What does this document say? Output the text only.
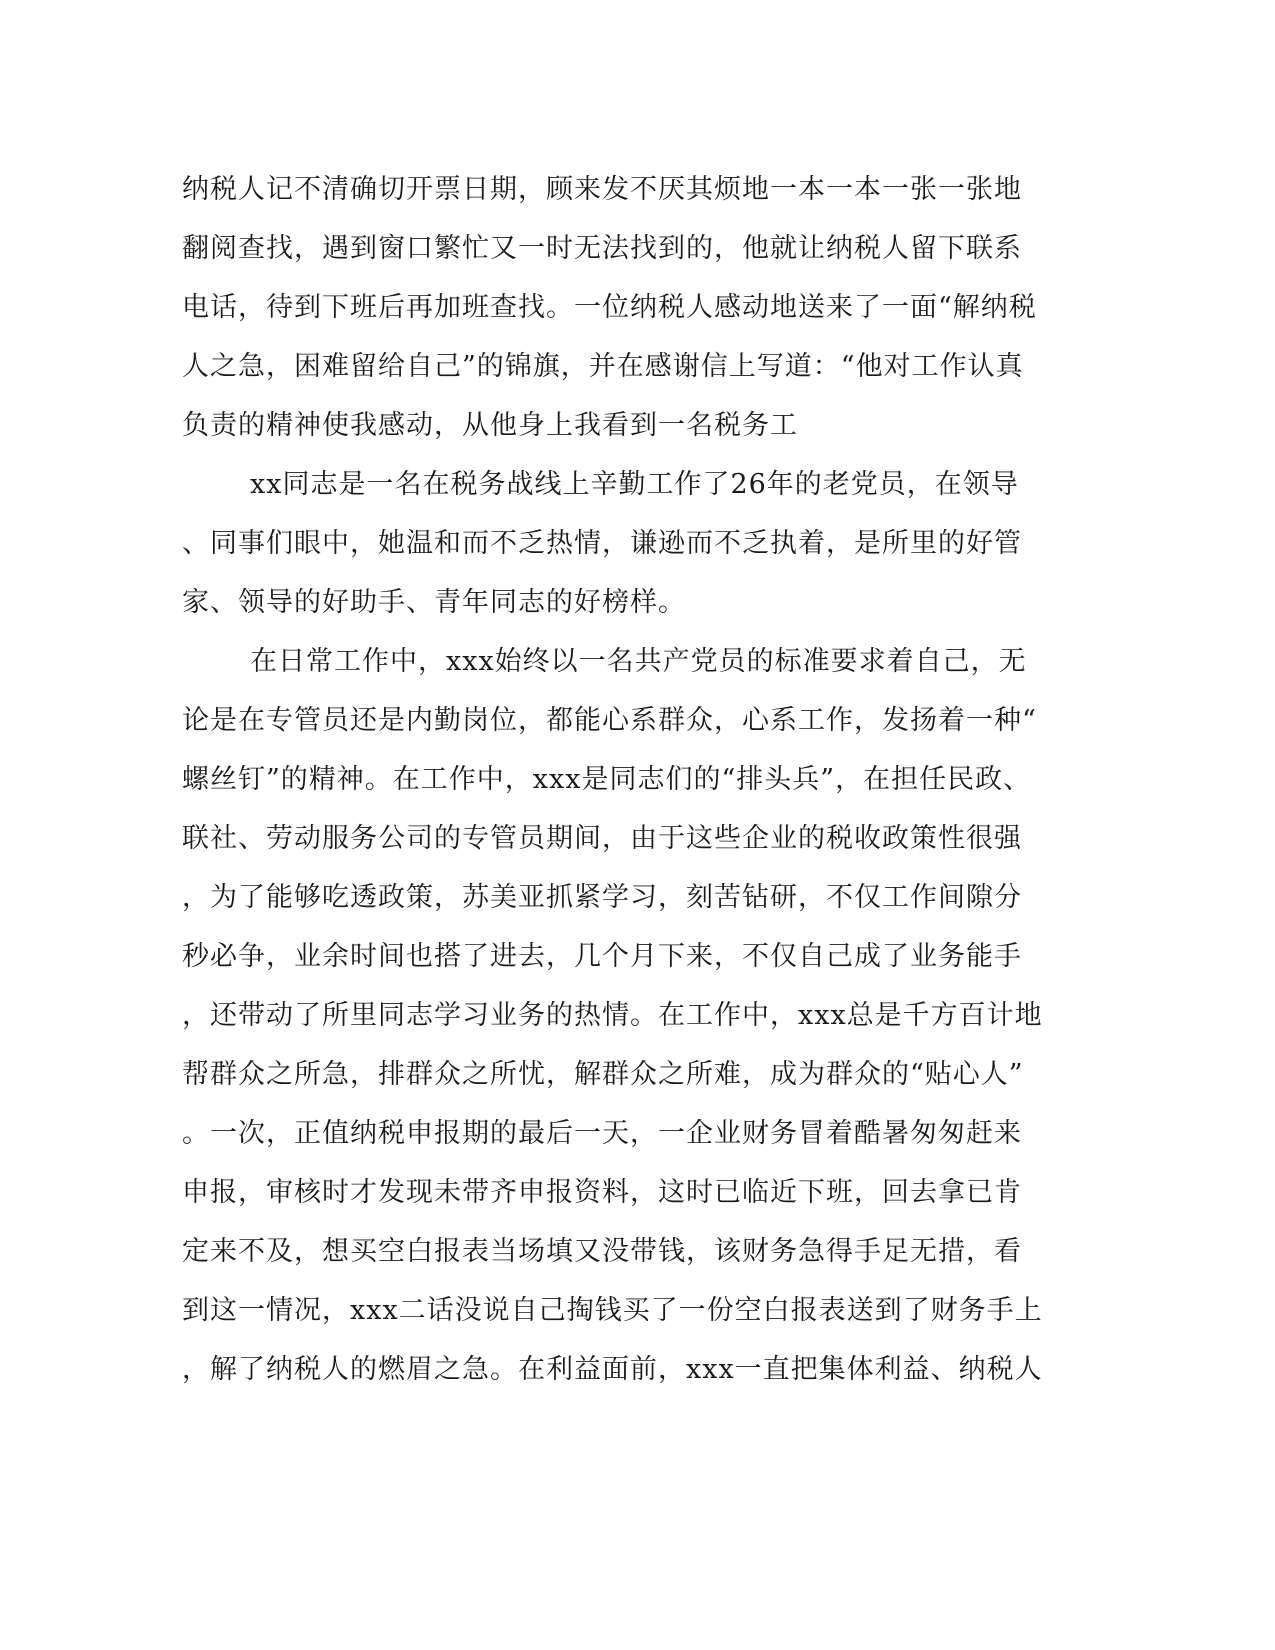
纳税人记不清确切开票日期，顾来发不厌其烦地一本一本一张一张地
翻阅查找，遇到窗口繁忙又一时无法找到的，他就让纳税人留下联系
电话，待到下班后再加班查找。一位纳税人感动地送来了一面“解纳税
人之急，困难留给自己”的锦旗，并在感谢信上写道：“他对工作认真
负责的精神使我感动，从他身上我看到一名税务工
xx同志是一名在税务战线上辛勤工作了26年的老党员，在领导
、同事们眼中，她温和而不乏热情，谦逊而不乏执着，是所里的好管
家、领导的好助手、青年同志的好榜样。
在日常工作中，xxx始终以一名共产党员的标准要求着自己，无
论是在专管员还是内勤岗位，都能心系群众，心系工作，发扬着一种“
螺丝钉”的精神。在工作中，xxx是同志们的“排头兵”，在担任民政、
联社、劳动服务公司的专管员期间，由于这些企业的税收政策性很强
，为了能够吃透政策，苏美亚抓紧学习，刻苦钻研，不仅工作间隙分
秒必争，业余时间也搭了进去，几个月下来，不仅自己成了业务能手
，还带动了所里同志学习业务的热情。在工作中，xxx总是千方百计地
帮群众之所急，排群众之所忧，解群众之所难，成为群众的“贴心人”
。一次，正值纳税申报期的最后一天，一企业财务冒着酷暑匆匆赶来
申报，审核时才发现未带齐申报资料，这时已临近下班，回去拿已肯
定来不及，想买空白报表当场填又没带钱，该财务急得手足无措，看
到这一情况，xxx二话没说自己掏钱买了一份空白报表送到了财务手上
，解了纳税人的燃眉之急。在利益面前，xxx一直把集体利益、纳税人
